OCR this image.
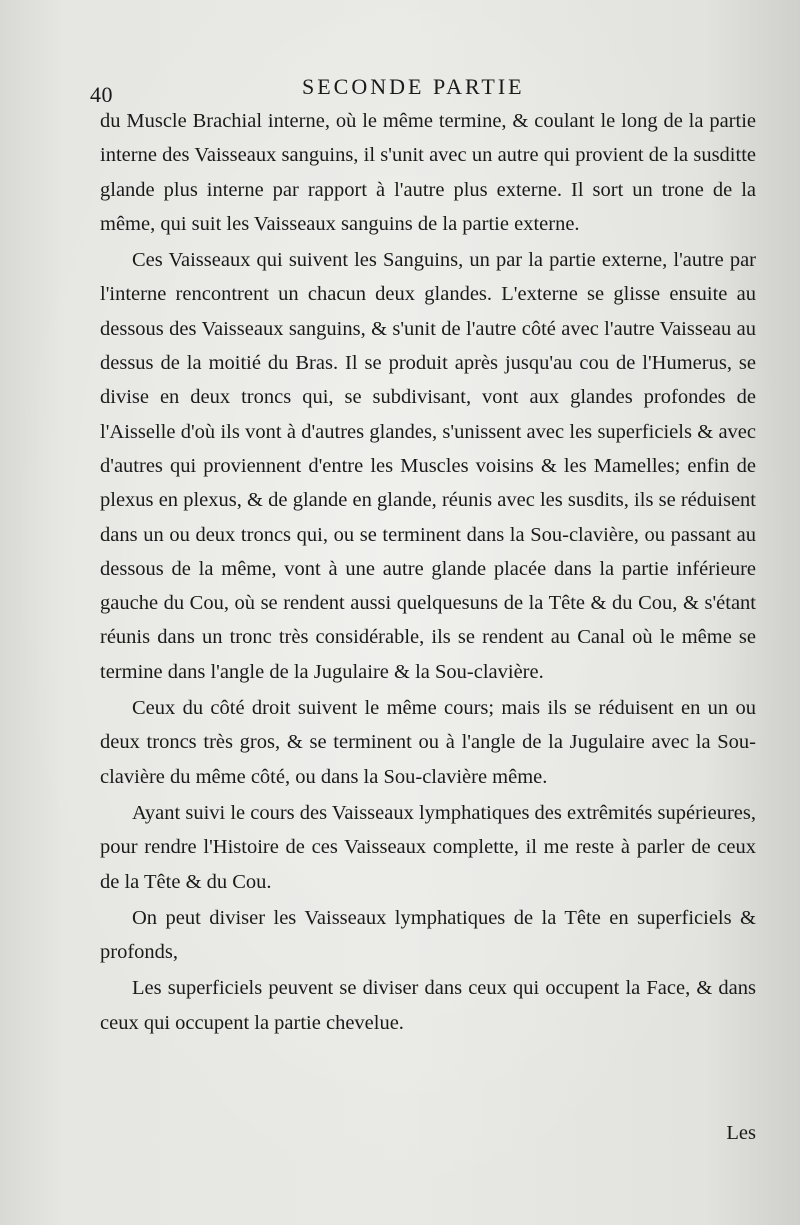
40	SECONDE PARTIE

du Muscle Brachial interne, où le même termine, & coulant le long de la partie interne des Vaisseaux sanguins, il s'unit avec un autre qui provient de la susditte glande plus interne par rapport à l'autre plus externe. Il sort un trone de la même, qui suit les Vaisseaux sanguins de la partie externe.

Ces Vaisseaux qui suivent les Sanguins, un par la partie externe, l'autre par l'interne rencontrent un chacun deux glandes. L'externe se glisse ensuite au dessous des Vaisseaux sanguins, & s'unit de l'autre côté avec l'autre Vaisseau au dessus de la moitié du Bras. Il se produit après jusqu'au cou de l'Humerus, se divise en deux troncs qui, se subdivisant, vont aux glandes profondes de l'Aisselle d'où ils vont à d'autres glandes, s'unissent avec les superficiels & avec d'autres qui proviennent d'entre les Muscles voisins & les Mamelles; enfin de plexus en plexus, & de glande en glande, réunis avec les susdits, ils se réduisent dans un ou deux troncs qui, ou se terminent dans la Sou-clavière, ou passant au dessous de la même, vont à une autre glande placée dans la partie inférieure gauche du Cou, où se rendent aussi quelquesuns de la Tête & du Cou, & s'étant réunis dans un tronc très considérable, ils se rendent au Canal où le même se termine dans l'angle de la Jugulaire & la Sou-clavière.

Ceux du côté droit suivent le même cours; mais ils se réduisent en un ou deux troncs très gros, & se terminent ou à l'angle de la Jugulaire avec la Sou-clavière du même côté, ou dans la Sou-clavière même.

Ayant suivi le cours des Vaisseaux lymphatiques des extrêmités supérieures, pour rendre l'Histoire de ces Vaisseaux complette, il me reste à parler de ceux de la Tête & du Cou.

On peut diviser les Vaisseaux lymphatiques de la Tête en superficiels & profonds,

Les superficiels peuvent se diviser dans ceux qui occupent la Face, & dans ceux qui occupent la partie chevelue.

Les
